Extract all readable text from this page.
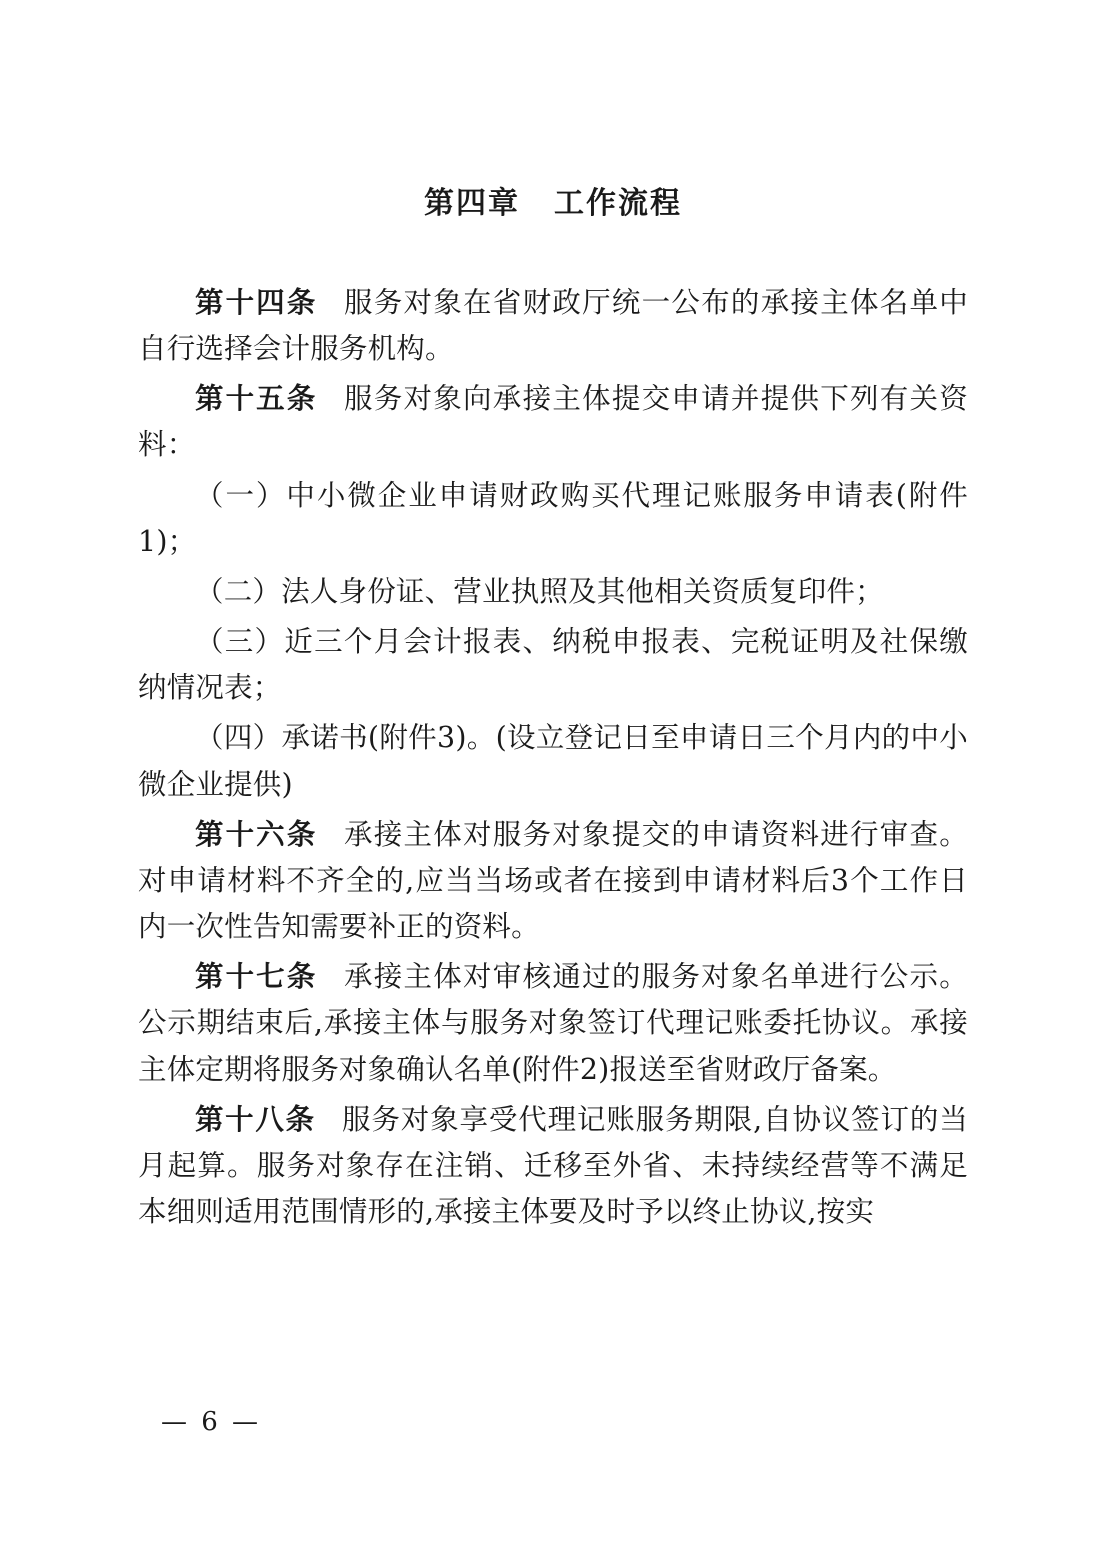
第四章 工作流程

第十四条 服务对象在省财政厅统一公布的承接主体名单中自行选择会计服务机构。

第十五条 服务对象向承接主体提交申请并提供下列有关资料：

（一）中小微企业申请财政购买代理记账服务申请表(附件1)；

（二）法人身份证、营业执照及其他相关资质复印件；

（三）近三个月会计报表、纳税申报表、完税证明及社保缴纳情况表；

（四）承诺书(附件3)。(设立登记日至申请日三个月内的中小微企业提供)

第十六条 承接主体对服务对象提交的申请资料进行审查。对申请材料不齐全的,应当当场或者在接到申请材料后3个工作日内一次性告知需要补正的资料。

第十七条 承接主体对审核通过的服务对象名单进行公示。公示期结束后,承接主体与服务对象签订代理记账委托协议。承接主体定期将服务对象确认名单(附件2)报送至省财政厅备案。

第十八条 服务对象享受代理记账服务期限,自协议签订的当月起算。服务对象存在注销、迁移至外省、未持续经营等不满足本细则适用范围情形的,承接主体要及时予以终止协议,按实

— 6 —
